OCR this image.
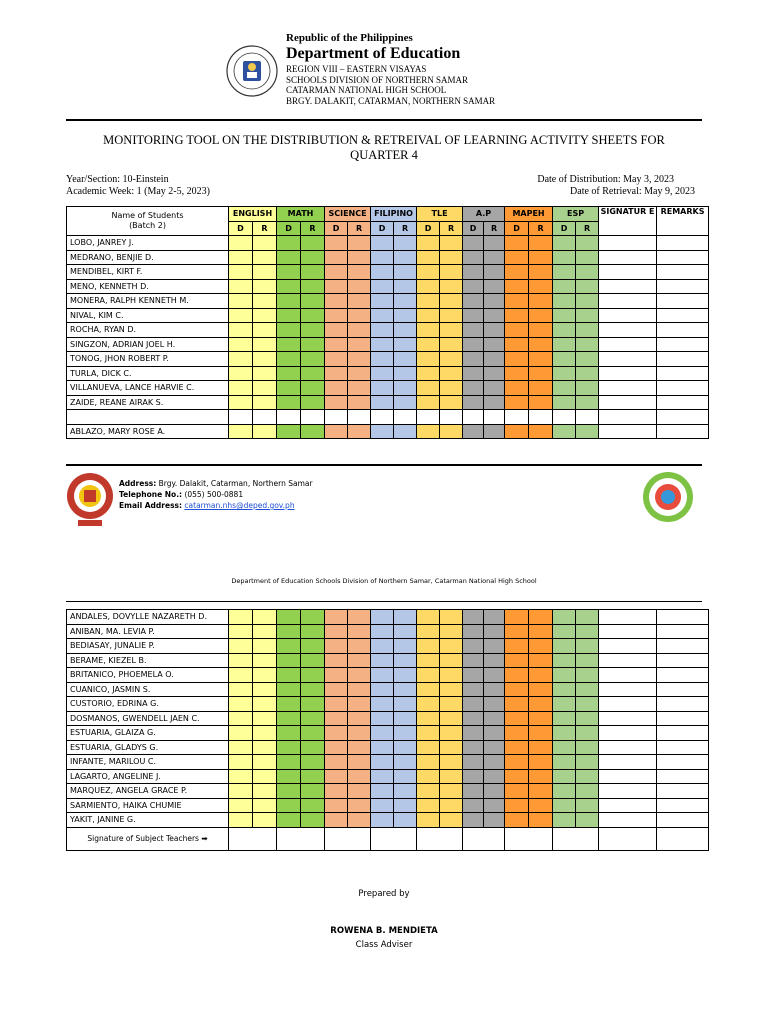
Republic of the Philippines
Department of Education
REGION VIII – EASTERN VISAYAS
SCHOOLS DIVISION OF NORTHERN SAMAR
CATARMAN NATIONAL HIGH SCHOOL
BRGY. DALAKIT, CATARMAN, NORTHERN SAMAR
MONITORING TOOL ON THE DISTRIBUTION & RETREIVAL OF LEARNING ACTIVITY SHEETS FOR
QUARTER 4
Year/Section: 10-Einstein
Academic Week: 1 (May 2-5, 2023)
Date of Distribution: May 3, 2023
Date of Retrieval: May 9, 2023
Name of Students
(Batch 2)	ENGLISH		MATH		SCIENCE		FILIPINO		TLE		A.P		MAPEH		ESP		SIGNATUR E	REMARKS
	D	R	D	R	D	R	D	R	D	R	D	R	D	R	D	R		
LOBO, JANREY J.																		
MEDRANO, BENJIE D.																		
MENDIBEL, KIRT F.																		
MENO, KENNETH D.																		
MONERA, RALPH KENNETH M.																		
NIVAL, KIM C.																		
ROCHA, RYAN D.																		
SINGZON, ADRIAN JOEL H.																		
TONOG, JHON ROBERT P.																		
TURLA, DICK C.																		
VILLANUEVA, LANCE HARVIE C.																		
ZAIDE, REANE AIRAK S.																		

ABLAZO, MARY ROSE A.																		
Address: Brgy. Dalakit, Catarman, Northern Samar
Telephone No.: (055) 500-0881
Email Address: catarman.nhs@deped.gov.ph
Department of Education Schools Division of Northern Samar, Catarman National High School
ANDALES, DOVYLLE NAZARETH D.																		
ANIBAN, MA. LEVIA P.																		
BEDIASAY, JUNALIE P.																		
BERAME, KIEZEL B.																		
BRITANICO, PHOEMELA O.																		
CUANICO, JASMIN S.																		
CUSTORIO, EDRINA G.																		
DOSMANOS, GWENDELL JAEN C.																		
ESTUARIA, GLAIZA G.																		
ESTUARIA, GLADYS G.																		
INFANTE, MARILOU C.																		
LAGARTO, ANGELINE J.																		
MARQUEZ, ANGELA GRACE P.																		
SARMIENTO, HAIKA CHUMIE																		
YAKIT, JANINE G.																		
Signature of Subject Teachers ➡																		
Prepared by
ROWENA B. MENDIETA
Class Adviser
